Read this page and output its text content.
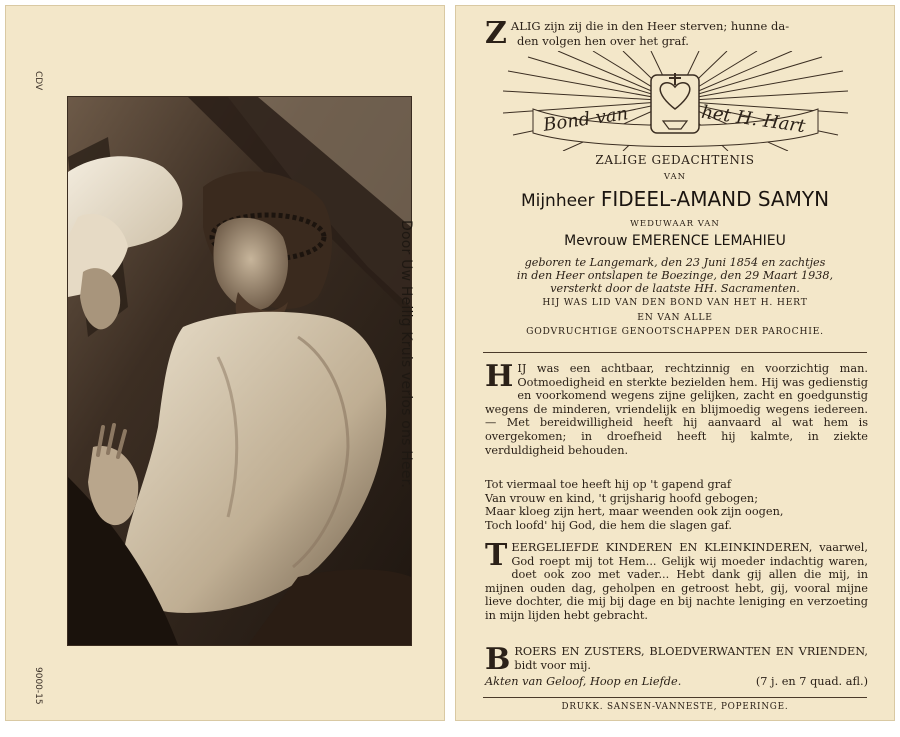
CDV
Door Uw Heilig Kruis verlos ons Heer.
9000-15
Z ALIG zijn zij die in den Heer sterven; hunne da-
den volgen hen over het graf.
Bond van	het H. Hart
ZALIGE GEDACHTENIS
VAN
Mijnheer FIDEEL-AMAND SAMYN
WEDUWAAR VAN
Mevrouw EMERENCE LEMAHIEU
geboren te Langemark, den 23 Juni 1854 en zachtjes
in den Heer ontslapen te Boezinge, den 29 Maart 1938,
versterkt door de laatste HH. Sacramenten.
HIJ WAS LID VAN DEN BOND VAN HET H. HERT
EN VAN ALLE
GODVRUCHTIGE GENOOTSCHAPPEN DER PAROCHIE.
HIJ was een achtbaar, rechtzinnig en voorzichtig man. Ootmoedigheid en sterkte bezielden hem. Hij was gedienstig en voorkomend wegens zijne gelijken, zacht en goedgunstig wegens de minderen, vriendelijk en blijmoedig wegens iedereen. — Met bereidwilligheid heeft hij aanvaard al wat hem is overgekomen; in droefheid heeft hij kalmte, in ziekte verduldigheid behouden.
Tot viermaal toe heeft hij op 't gapend graf
Van vrouw en kind, 't grijsharig hoofd gebogen;
Maar kloeg zijn hert, maar weenden ook zijn oogen,
Toch loofd' hij God, die hem die slagen gaf.
TEERGELIEFDE KINDEREN EN KLEINKINDEREN, vaarwel, God roept mij tot Hem... Gelijk wij moeder indachtig waren, doet ook zoo met vader... Hebt dank gij allen die mij, in mijnen ouden dag, geholpen en getroost hebt, gij, vooral mijne lieve dochter, die mij bij dage en bij nachte leniging en verzoeting in mijn lijden hebt gebracht.
BROERS EN ZUSTERS, BLOEDVERWANTEN EN VRIENDEN, bidt voor mij.
Akten van Geloof, Hoop en Liefde.	(7 j. en 7 quad. afl.)
DRUKK. SANSEN-VANNESTE, POPERINGE.
